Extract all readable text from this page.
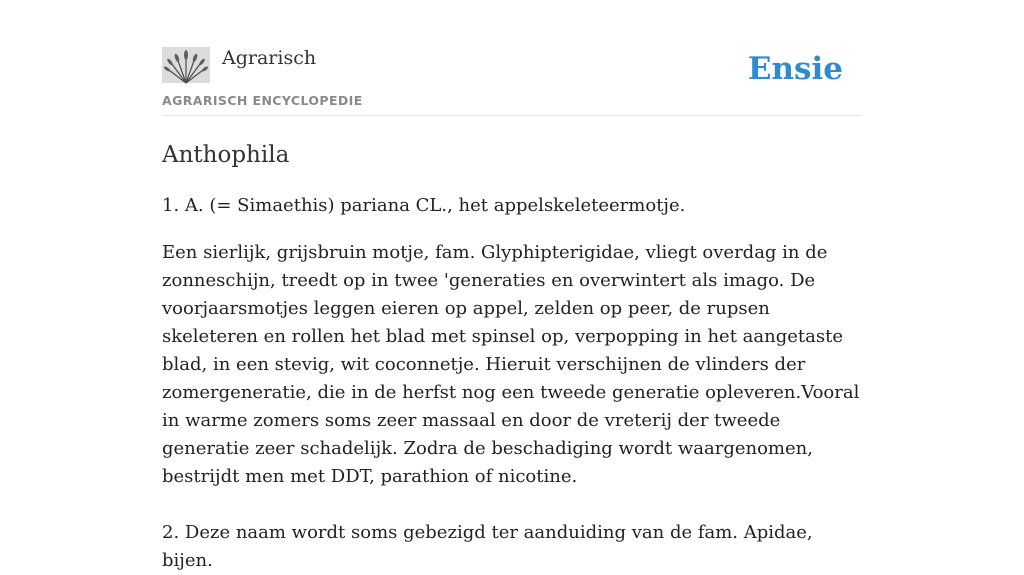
Agrarisch
AGRARISCH ENCYCLOPEDIE
Ensie
Anthophila

1. A. (= Simaethis) pariana CL., het appelskeleteermotje.

Een sierlijk, grijsbruin motje, fam. Glyphipterigidae, vliegt overdag in de zonneschijn, treedt op in twee 'generaties en overwintert als imago. De voorjaarsmotjes leggen eieren op appel, zelden op peer, de rupsen skeleteren en rollen het blad met spinsel op, verpopping in het aangetaste blad, in een stevig, wit coconnetje. Hieruit verschijnen de vlinders der zomergeneratie, die in de herfst nog een tweede generatie opleveren.Vooral in warme zomers soms zeer massaal en door de vreterij der tweede generatie zeer schadelijk. Zodra de beschadiging wordt waargenomen, bestrijdt men met DDT, parathion of nicotine.

2. Deze naam wordt soms gebezigd ter aanduiding van de fam. Apidae, bijen.
